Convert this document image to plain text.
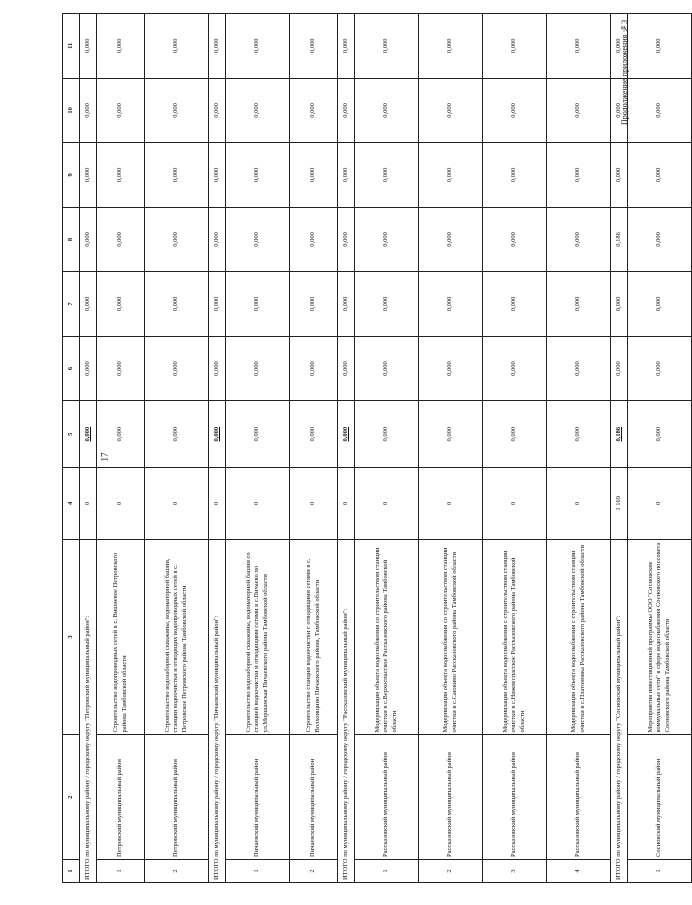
Продолжение приложения №3
17
1	2	3	4	5	6	7	8	9	10	11
ИТОГО по муниципальному району / городскому округу "Петровский муниципальный район":			0	0,000	0,000	0,000	0,000	0,000	0,000	0,000
1	Петровский муниципальный район	Строительство водопроводных сетей в с. Вишневое Петровского района Тамбовской области	0	0,000	0,000	0,000	0,000	0,000	0,000	0,000
2	Петровский муниципальный район	Строительство водозаборной скважины, водонапорной башни, станции водоочистки и отводящих водопроводных сетей в с. Петровское Петровского района Тамбовской области	0	0,000	0,000	0,000	0,000	0,000	0,000	0,000
ИТОГО по муниципальному району / городскому округу "Пичаевский муниципальный район":			0	0,000	0,000	0,000	0,000	0,000	0,000	0,000
1	Пичаевский муниципальный район	Строительство водозаборной скважины, водонапорной башни со станцией водоочистки и отводящими сетями в с.Пичаево по ул.Моршанская Пичаевского района Тамбовской области	0	0,000	0,000	0,000	0,000	0,000	0,000	0,000
2	Пичаевский муниципальный район	Строительство станции водоочистки с отводящими сетями в с. Волхонщино Пичаевского района, Тамбовской области	0	0,000	0,000	0,000	0,000	0,000	0,000	0,000
ИТОГО по муниципальному району / городскому округу "Рассказовский муниципальный район":			0	0,000	0,000	0,000	0,000	0,000	0,000	0,000
1	Рассказовский муниципальный район	Модернизация объекта водоснабжения со строительством станции очистки в с.Верхоспасское Рассказовского района Тамбовской области	0	0,000	0,000	0,000	0,000	0,000	0,000	0,000
2	Рассказовский муниципальный район	Модернизация объекта водоснабжения со строительством станции очистки в с.Саюкино Рассказовского района Тамбовской области	0	0,000	0,000	0,000	0,000	0,000	0,000	0,000
3	Рассказовский муниципальный район	Модернизация объекта водоснабжения с строительством станции очистки в с.Нижнеспасское Рассказовского района Тамбовской области	0	0,000	0,000	0,000	0,000	0,000	0,000	0,000
4	Рассказовский муниципальный район	Модернизация объекта водоснабжения с строительством станции очистки в с.Платоновка Рассказовского района Тамбовской области	0	0,000	0,000	0,000	0,000	0,000	0,000	0,000
ИТОГО по муниципальному району / городскому округу "Сосновский муниципальный район":			1 169	0,186	0,000	0,000	0,186	0,000	0,000	0,000
1	Сосновский муниципальный район	Мероприятия инвестиционной программы ООО "Сосновские коммунальные сети" в сфере водоснабжения Сосновского поссовета Сосновского района Тамбовской области	0	0,000	0,000	0,000	0,000	0,000	0,000	0,000
